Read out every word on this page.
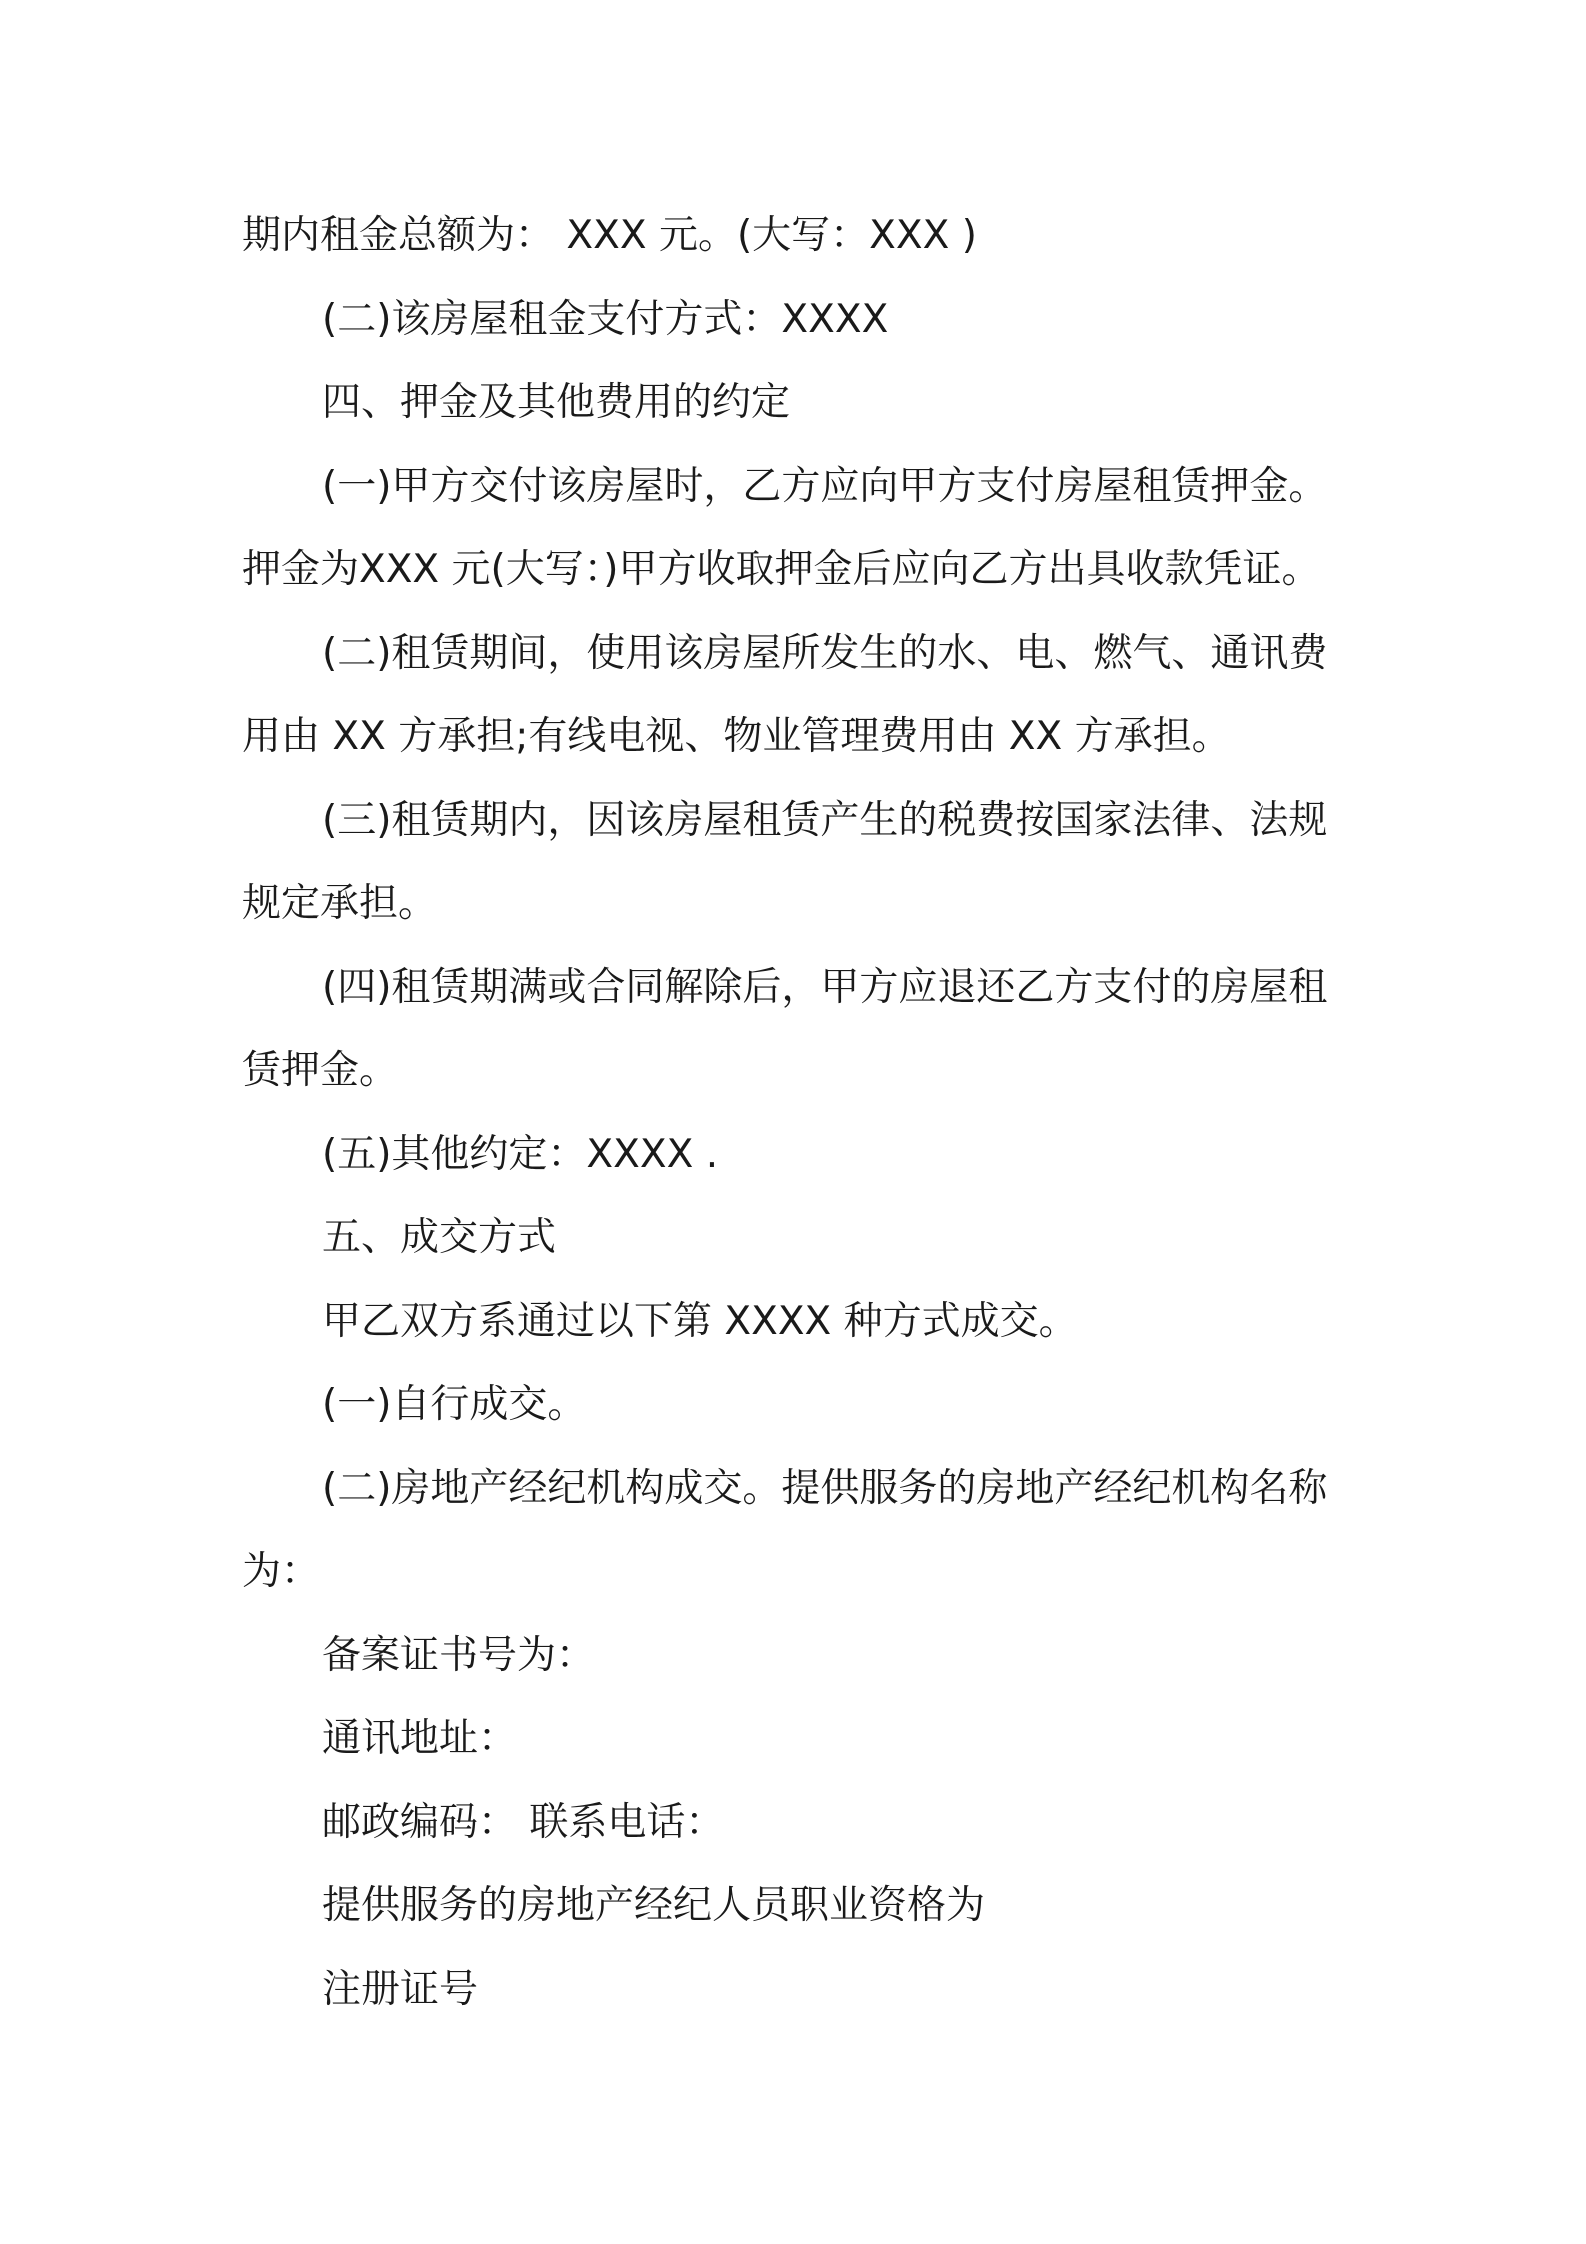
期内租金总额为： XXX 元。(大写：XXX )
(二)该房屋租金支付方式：XXXX
四、押金及其他费用的约定
(一)甲方交付该房屋时，乙方应向甲方支付房屋租赁押金。
押金为XXX 元(大写：)甲方收取押金后应向乙方出具收款凭证。
(二)租赁期间，使用该房屋所发生的水、电、燃气、通讯费
用由 XX 方承担;有线电视、物业管理费用由 XX 方承担。
(三)租赁期内，因该房屋租赁产生的税费按国家法律、法规
规定承担。
(四)租赁期满或合同解除后，甲方应退还乙方支付的房屋租
赁押金。
(五)其他约定：XXXX .
五、成交方式
甲乙双方系通过以下第 XXXX 种方式成交。
(一)自行成交。
(二)房地产经纪机构成交。提供服务的房地产经纪机构名称
为：
备案证书号为：
通讯地址：
邮政编码： 联系电话：
提供服务的房地产经纪人员职业资格为
注册证号
